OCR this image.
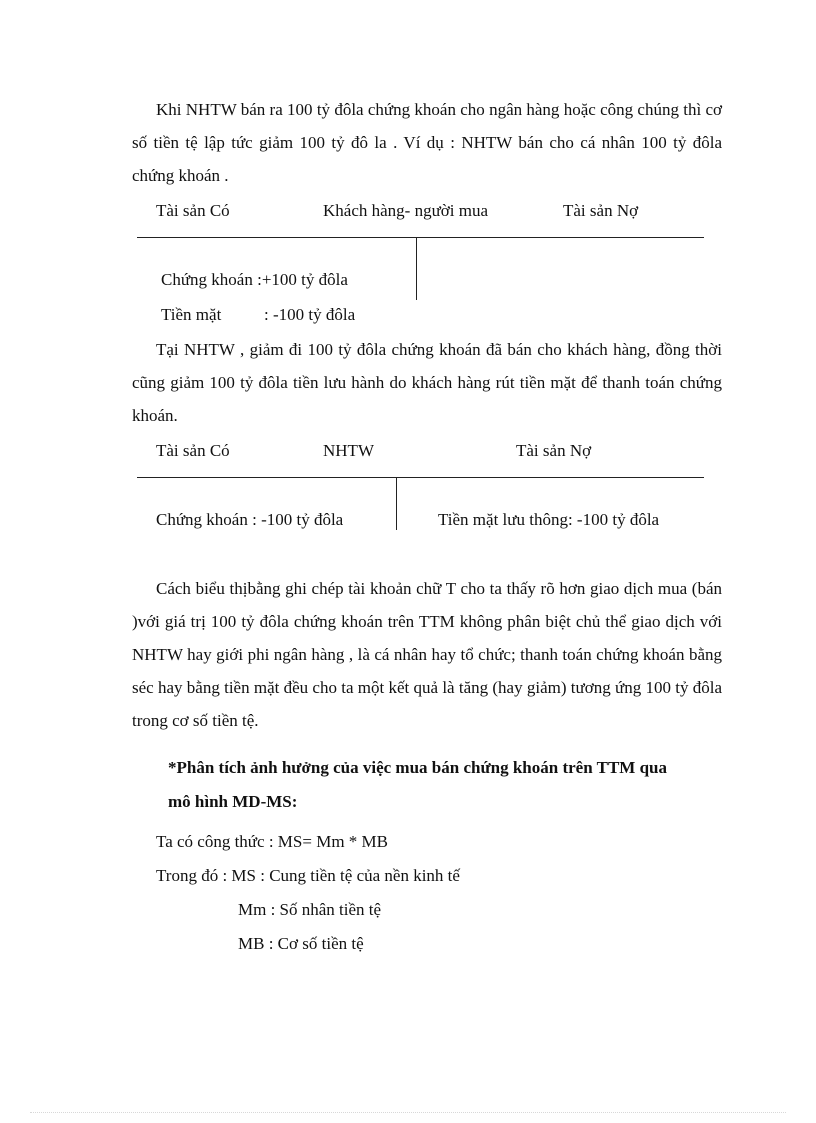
Khi NHTW bán ra 100 tỷ đôla chứng khoán cho ngân hàng hoặc công chúng thì cơ số tiền tệ lập tức giảm 100 tỷ đô la . Ví dụ : NHTW bán cho cá nhân 100 tỷ đôla chứng khoán .

Tài sản Có	Khách hàng- người mua	Tài sản Nợ
Chứng khoán :+100 tỷ đôla
Tiền mặt	: -100 tỷ đôla

Tại NHTW , giảm đi 100 tỷ đôla chứng khoán đã bán cho khách hàng, đồng thời cũng giảm 100 tỷ đôla tiền lưu hành do khách hàng rút tiền mặt để thanh toán chứng khoán.

Tài sản Có	NHTW	Tài sản Nợ
Chứng khoán : -100 tỷ đôla	Tiền mặt lưu thông: -100 tỷ đôla

Cách biểu thịbằng ghi chép tài khoản chữ T cho ta thấy rõ hơn giao dịch mua (bán )với giá trị 100 tỷ đôla chứng khoán trên TTM không phân biệt chủ thể giao dịch với NHTW hay giới phi ngân hàng , là cá nhân hay tổ chức; thanh toán chứng khoán bằng séc hay bằng tiền mặt đều cho ta một kết quả là tăng (hay giảm) tương ứng 100 tỷ đôla trong cơ số tiền tệ.

*Phân tích ảnh hưởng của việc mua bán chứng khoán trên TTM qua
mô hình MD-MS:
Ta có công thức : MS= Mm * MB
Trong đó : MS : Cung tiền tệ của nền kinh tế
Mm : Số nhân tiền tệ
MB : Cơ số tiền tệ
